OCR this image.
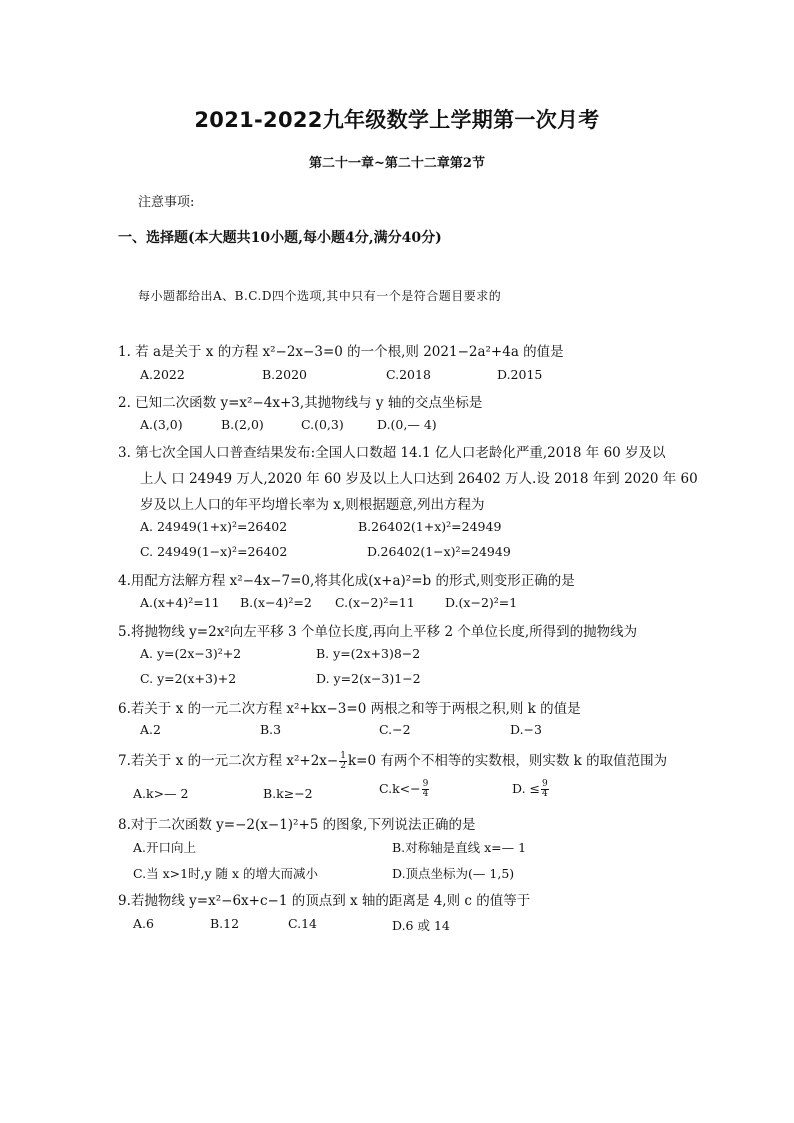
2021-2022九年级数学上学期第一次月考
第二十一章~第二十二章第2节
注意事项:
一、选择题(本大题共10小题,每小题4分,满分40分)
每小题都给出A、B.C.D四个选项,其中只有一个是符合题目要求的
1. 若 a是关于 x 的方程 x²−2x−3=0 的一个根,则 2021−2a²+4a 的值是
A.2022	B.2020	C.2018	D.2015
2. 已知二次函数 y=x²−4x+3,其抛物线与 y 轴的交点坐标是
A.(3,0)	B.(2,0)	C.(0,3)	D.(0,— 4)
3. 第七次全国人口普查结果发布:全国人口数超 14.1 亿人口老龄化严重,2018 年 60 岁及以
上人 口 24949 万人,2020 年 60 岁及以上人口达到 26402 万人.设 2018 年到 2020 年 60
岁及以上人口的年平均增长率为 x,则根据题意,列出方程为
A. 24949(1+x)²=26402	B.26402(1+x)²=24949
C. 24949(1−x)²=26402	D.26402(1−x)²=24949
4.用配方法解方程 x²−4x−7=0,将其化成(x+a)²=b 的形式,则变形正确的是
A.(x+4)²=11 B.(x−4)²=2 C.(x−2)²=11 D.(x−2)²=1
5.将抛物线 y=2x²向左平移 3 个单位长度,再向上平移 2 个单位长度,所得到的抛物线为
A. y=(2x−3)²+2	B. y=(2x+3)8−2
C. y=2(x+3)+2	D. y=2(x−3)1−2
6.若关于 x 的一元二次方程 x²+kx−3=0 两根之和等于两根之积,则 k 的值是
A.2	B.3	C.−2	D.−3
7.若关于 x 的一元二次方程 $x^2+2x- \frac{1}{2} k=0$ 有两个不相等的实数根，则实数 k 的取值范围为
A.k>— 2	B.k≥−2	$C.k<- \frac{9}{4}$	D. ≤ $\frac{9}{4}$
8.对于二次函数 y=−2(x−1)²+5 的图象,下列说法正确的是
A.开口向上	B.对称轴是直线 x=— 1
C.当 x>1时,y 随 x 的增大而减小	D.顶点坐标为(— 1,5)
9.若抛物线 y=x²−6x+c−1 的顶点到 x 轴的距离是 4,则 c 的值等于
A.6	B.12	C.14	D.6 或 14
